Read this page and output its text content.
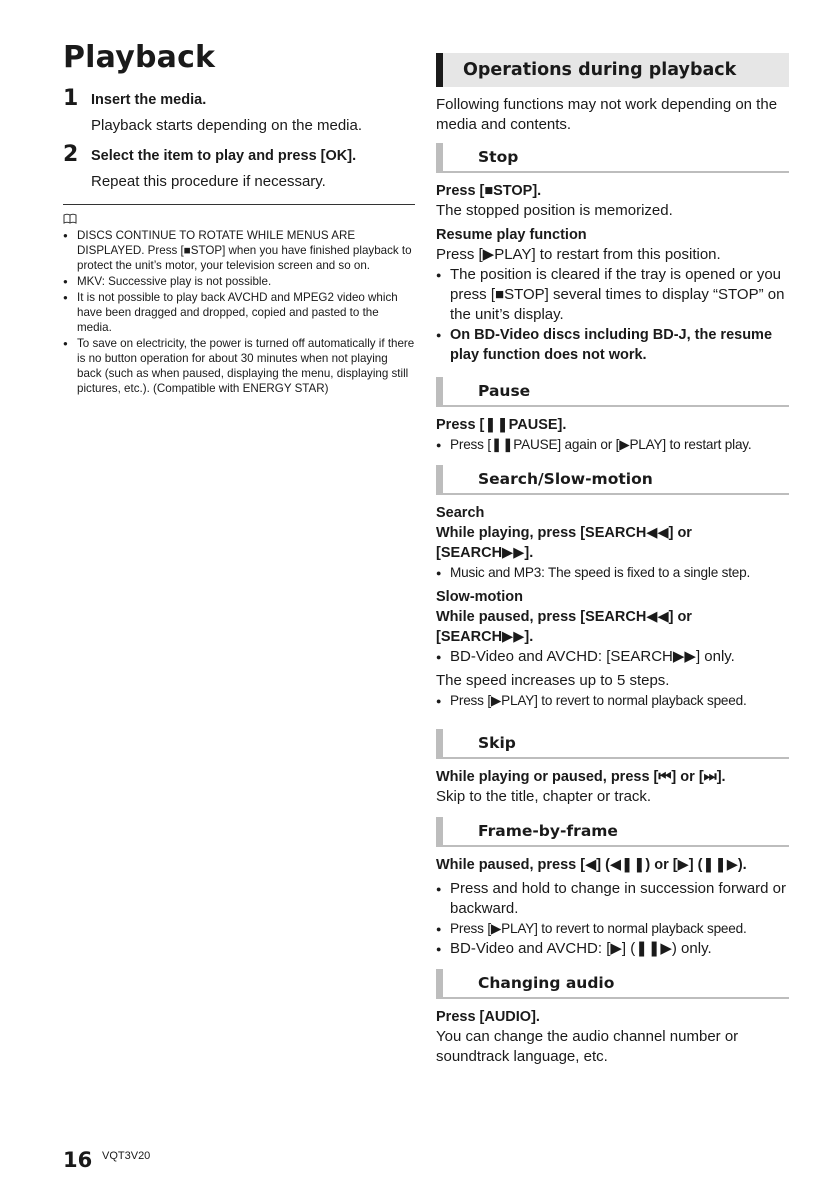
Playback
1 Insert the media.
Playback starts depending on the media.
2 Select the item to play and press [OK].
Repeat this procedure if necessary.
● DISCS CONTINUE TO ROTATE WHILE MENUS ARE DISPLAYED. Press [■STOP] when you have finished playback to protect the unit’s motor, your television screen and so on.
● MKV: Successive play is not possible.
● It is not possible to play back AVCHD and MPEG2 video which have been dragged and dropped, copied and pasted to the media.
● To save on electricity, the power is turned off automatically if there is no button operation for about 30 minutes when not playing back (such as when paused, displaying the menu, displaying still pictures, etc.). (Compatible with ENERGY STAR)
Operations during playback
Following functions may not work depending on the media and contents.
Stop
Press [■STOP].
The stopped position is memorized.
Resume play function
Press [▶PLAY] to restart from this position.
● The position is cleared if the tray is opened or you press [■STOP] several times to display “STOP” on the unit’s display.
● On BD-Video discs including BD-J, the resume play function does not work.
Pause
Press [❚❚PAUSE].
● Press [❚❚PAUSE] again or [▶PLAY] to restart play.
Search/Slow-motion
Search
While playing, press [SEARCH◀◀] or [SEARCH▶▶].
● Music and MP3: The speed is fixed to a single step.
Slow-motion
While paused, press [SEARCH◀◀] or [SEARCH▶▶].
● BD-Video and AVCHD: [SEARCH▶▶] only.
The speed increases up to 5 steps.
● Press [▶PLAY] to revert to normal playback speed.
Skip
While playing or paused, press [⏮] or [⏭].
Skip to the title, chapter or track.
Frame-by-frame
While paused, press [◀] (◀❚❚) or [▶] (❚❚▶).
● Press and hold to change in succession forward or backward.
● Press [▶PLAY] to revert to normal playback speed.
● BD-Video and AVCHD: [▶] (❚❚▶) only.
Changing audio
Press [AUDIO].
You can change the audio channel number or soundtrack language, etc.
16 VQT3V20
